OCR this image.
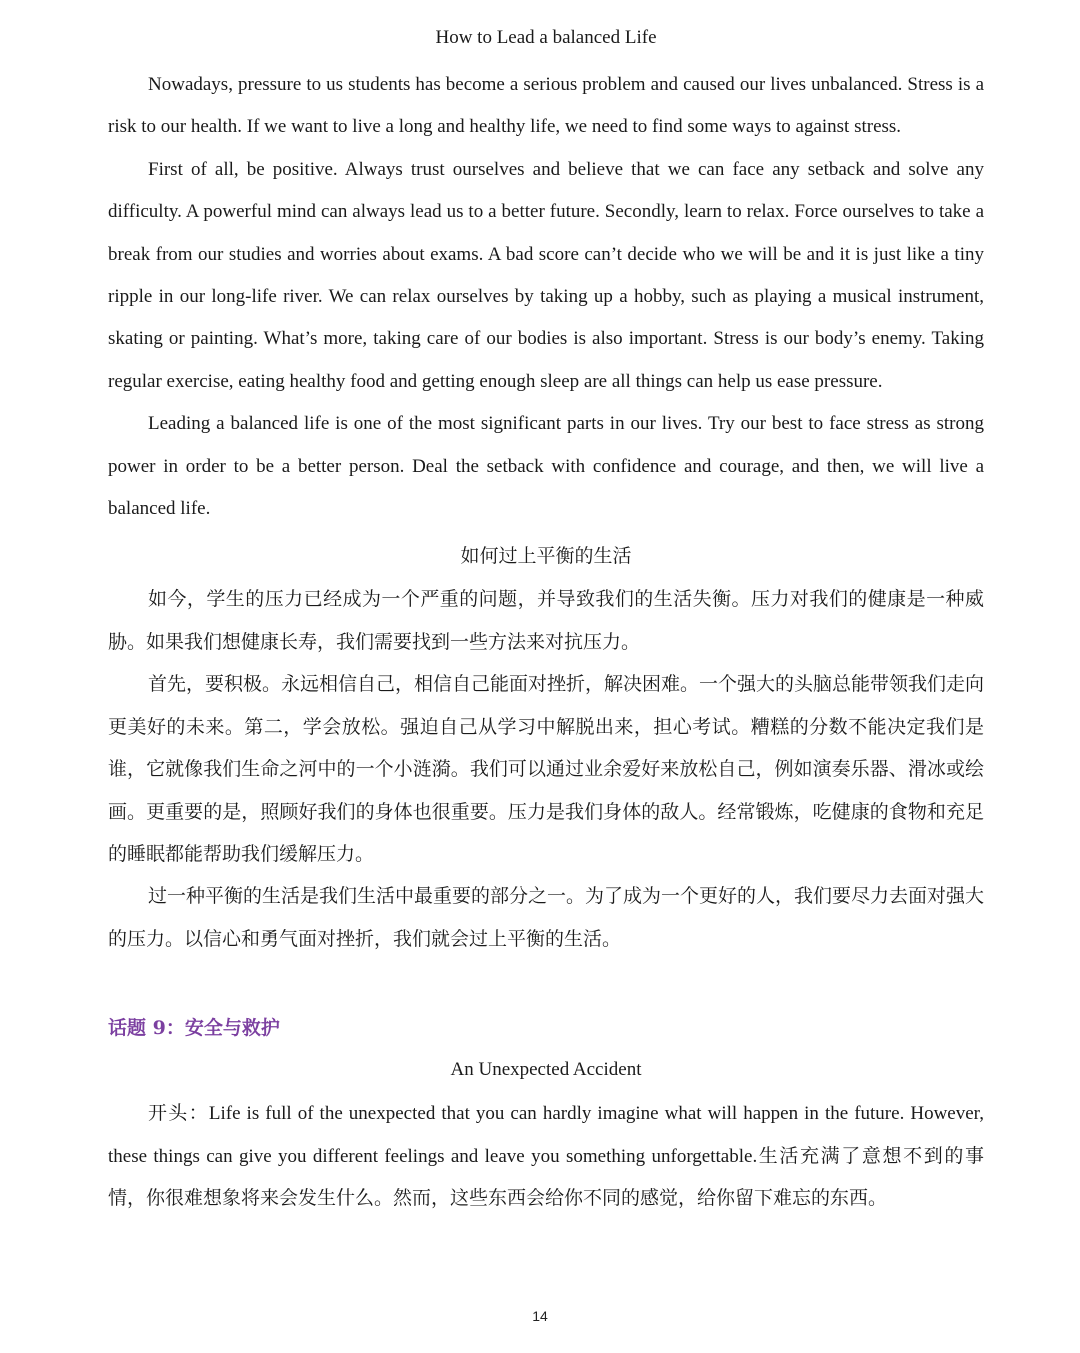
How to Lead a balanced Life

Nowadays, pressure to us students has become a serious problem and caused our lives unbalanced. Stress is a risk to our health. If we want to live a long and healthy life, we need to find some ways to against stress.

First of all, be positive. Always trust ourselves and believe that we can face any setback and solve any difficulty. A powerful mind can always lead us to a better future. Secondly, learn to relax. Force ourselves to take a break from our studies and worries about exams. A bad score can’t decide who we will be and it is just like a tiny ripple in our long-life river. We can relax ourselves by taking up a hobby, such as playing a musical instrument, skating or painting. What’s more, taking care of our bodies is also important. Stress is our body’s enemy. Taking regular exercise, eating healthy food and getting enough sleep are all things can help us ease pressure.

Leading a balanced life is one of the most significant parts in our lives. Try our best to face stress as strong power in order to be a better person. Deal the setback with confidence and courage, and then, we will live a balanced life.

如何过上平衡的生活

如今，学生的压力已经成为一个严重的问题，并导致我们的生活失衡。压力对我们的健康是一种威胁。如果我们想健康长寿，我们需要找到一些方法来对抗压力。

首先，要积极。永远相信自己，相信自己能面对挫折，解决困难。一个强大的头脑总能带领我们走向更美好的未来。第二，学会放松。强迫自己从学习中解脱出来，担心考试。糟糕的分数不能决定我们是谁，它就像我们生命之河中的一个小涟漪。我们可以通过业余爱好来放松自己，例如演奏乐器、滑冰或绘画。更重要的是，照顾好我们的身体也很重要。压力是我们身体的敌人。经常锻炼，吃健康的食物和充足的睡眠都能帮助我们缓解压力。

过一种平衡的生活是我们生活中最重要的部分之一。为了成为一个更好的人，我们要尽力去面对强大的压力。以信心和勇气面对挫折，我们就会过上平衡的生活。

话题 9：安全与救护

An Unexpected Accident

开头：Life is full of the unexpected that you can hardly imagine what will happen in the future. However, these things can give you different feelings and leave you something unforgettable.生活充满了意想不到的事情，你很难想象将来会发生什么。然而，这些东西会给你不同的感觉，给你留下难忘的东西。

14
